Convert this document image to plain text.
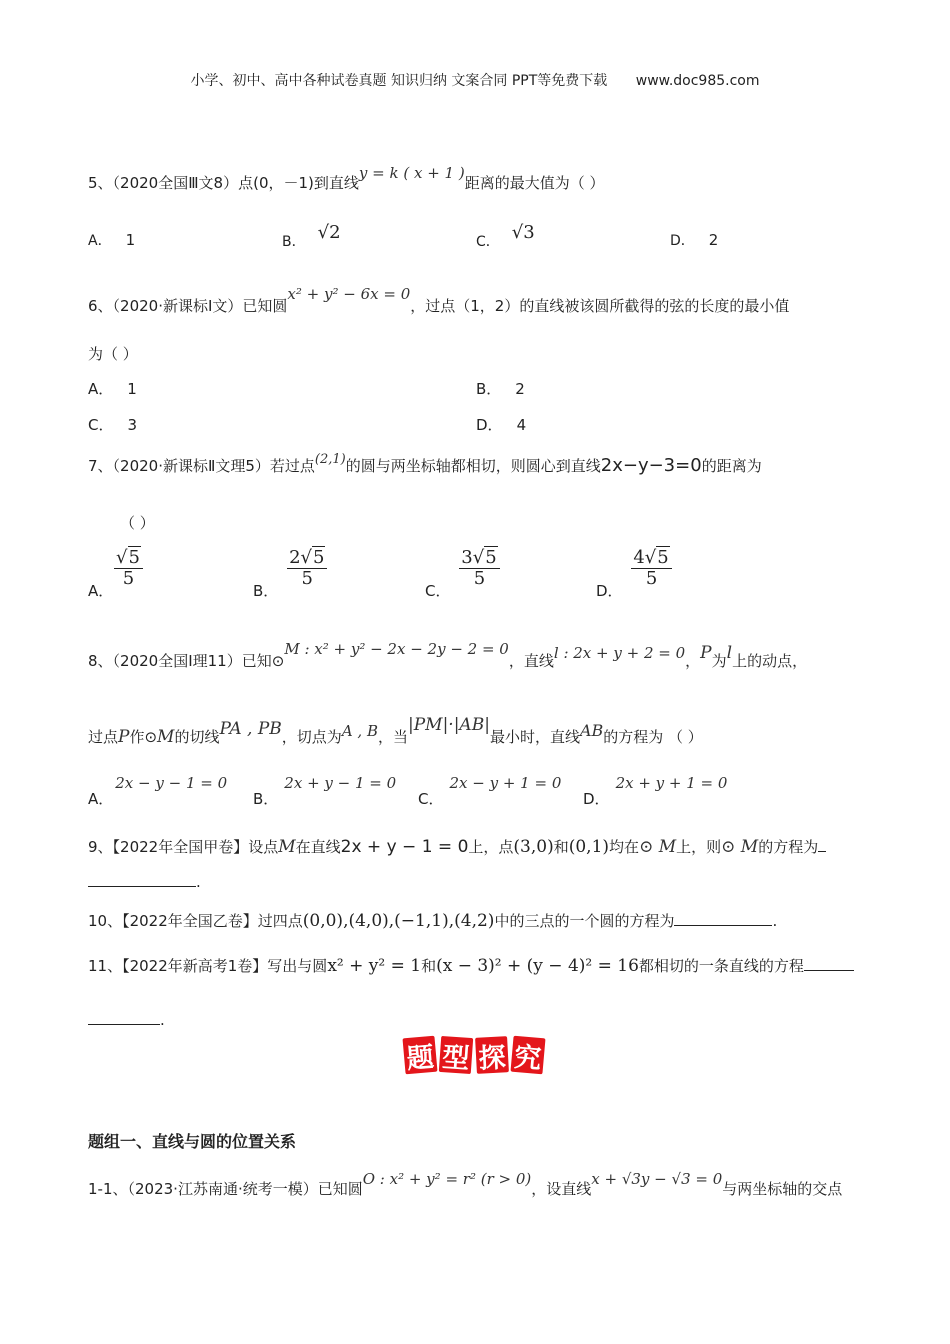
小学、初中、高中各种试卷真题 知识归纳 文案合同 PPT等免费下载 www.doc985.com
5、（2020全国Ⅲ文8）点(0，－1)到直线y = k ( x + 1 )距离的最大值为（ ）
A． 1	B． √2	C． √3	D． 2
6、（2020·新课标Ⅰ文）已知圆x² + y² − 6x = 0，过点（1，2）的直线被该圆所截得的弦的长度的最小值
为（ ）
A． 1	B． 2
C． 3	D． 4
7、（2020·新课标Ⅱ文理5）若过点(2,1)的圆与两坐标轴都相切，则圆心到直线2x−y−3=0的距离为
（ ）
A．
$\frac{√5}{5}$
B．
$\frac{2√5}{5}$
C．
$\frac{3√5}{5}$
D．
$\frac{4√5}{5}$
8、（2020全国Ⅰ理11）已知⊙M : x² + y² − 2x − 2y − 2 = 0，直线l : 2x + y + 2 = 0，P为l上的动点，
过点P作⊙M的切线PA , PB，切点为A , B，当|PM|·|AB|最小时，直线AB的方程为 （ ）
A．2x − y − 1 = 0
B．2x + y − 1 = 0
C．2x − y + 1 = 0
D．2x + y + 1 = 0
9、【2022年全国甲卷】设点M在直线2x + y − 1 = 0上，点(3,0)和(0,1)均在⊙ M上，则⊙ M的方程为
.
10、【2022年全国乙卷】过四点(0,0),(4,0),(−1,1),(4,2)中的三点的一个圆的方程为	.
11、【2022年新高考1卷】写出与圆x² + y² = 1和(x − 3)² + (y − 4)² = 16都相切的一条直线的方程
.
题 型 探 究
题组一、直线与圆的位置关系
1-1、（2023·江苏南通·统考一模）已知圆O : x² + y² = r² (r > 0)，设直线x + √3y − √3 = 0与两坐标轴的交点
